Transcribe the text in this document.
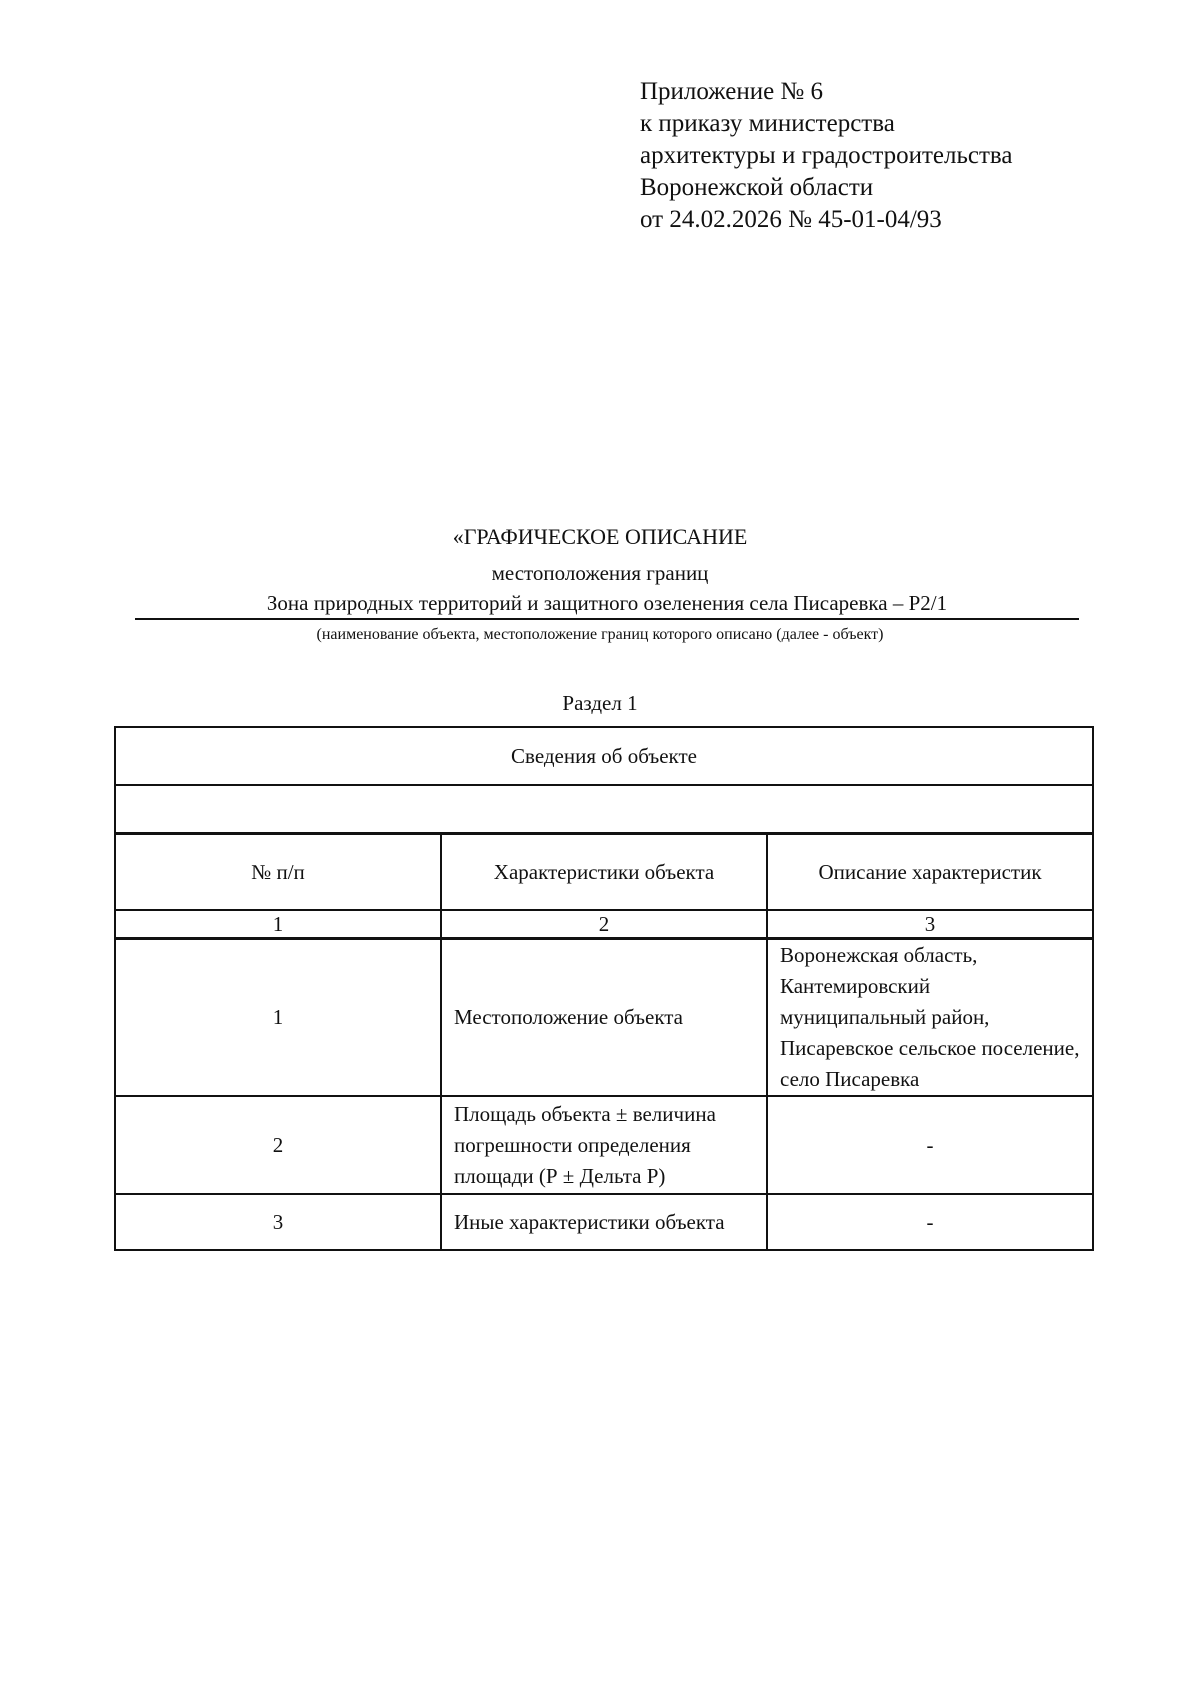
Приложение № 6
к приказу министерства
архитектуры и градостроительства
Воронежской области
от 24.02.2026 № 45-01-04/93
«ГРАФИЧЕСКОЕ ОПИСАНИЕ
местоположения границ
Зона природных территорий и защитного озеленения села Писаревка – Р2/1
(наименование объекта, местоположение границ которого описано (далее - объект)
Раздел 1
Сведения об объекте		

№ п/п	Характеристики объекта	Описание характеристик
1	2	3
1	Местоположение объекта	Воронежская область, Кантемировский муниципальный район, Писаревское сельское поселение, село Писаревка
2	Площадь объекта ± величина погрешности определения площади (Р ± Дельта Р)	-
3	Иные характеристики объекта	-
